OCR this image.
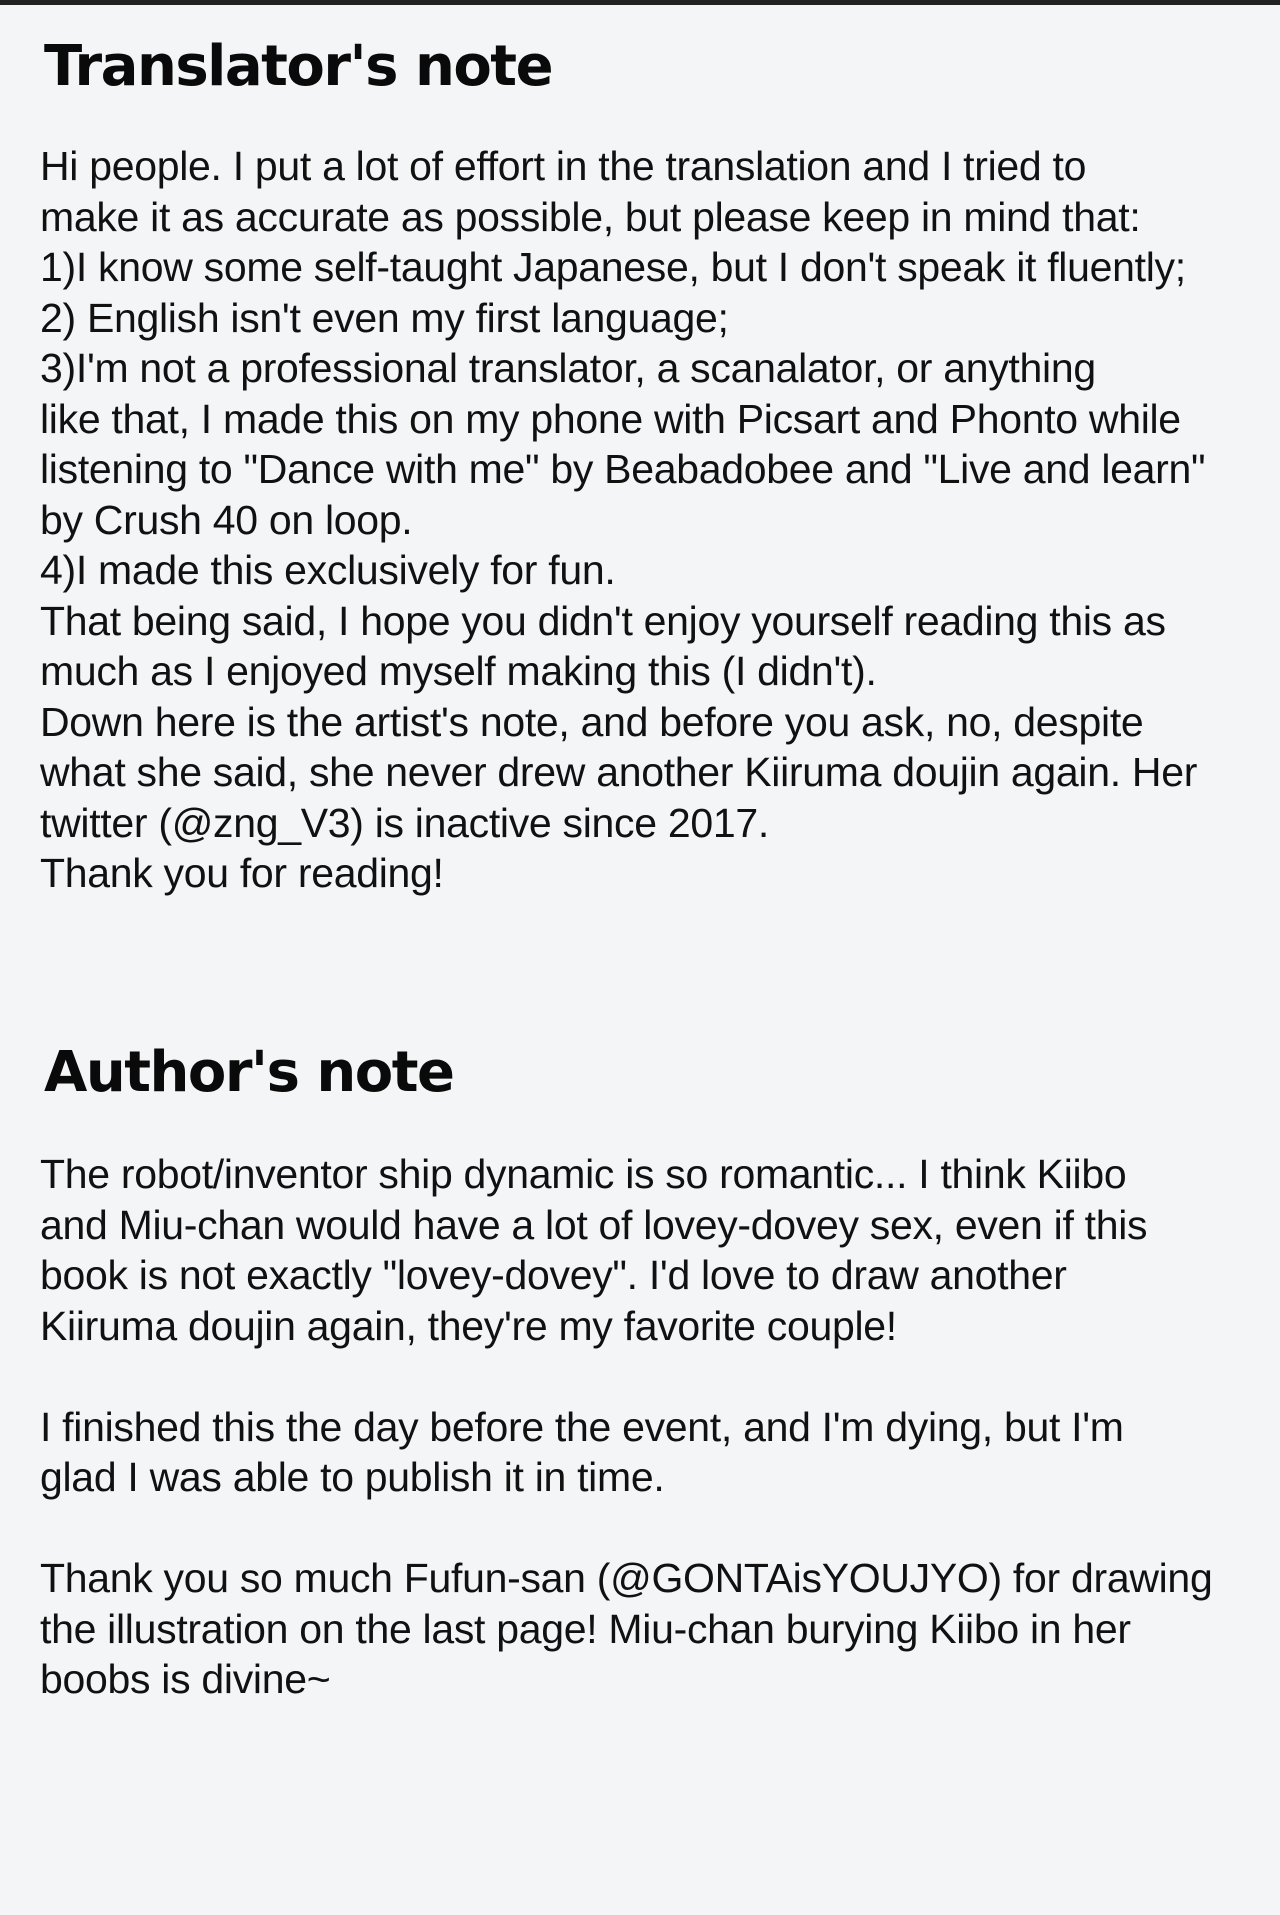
Translator's note
Hi people. I put a lot of effort in the translation and I tried to
make it as accurate as possible, but please keep in mind that:
1)I know some self-taught Japanese, but I don't speak it fluently;
2) English isn't even my first language;
3)I'm not a professional translator, a scanalator, or anything
like that, I made this on my phone with Picsart and Phonto while
listening to "Dance with me" by Beabadobee and "Live and learn"
by Crush 40 on loop.
4)I made this exclusively for fun.
That being said, I hope you didn't enjoy yourself reading this as
much as I enjoyed myself making this (I didn't).
Down here is the artist's note, and before you ask, no, despite
what she said, she never drew another Kiiruma doujin again. Her
twitter (@zng_V3) is inactive since 2017.
Thank you for reading!
Author's note
The robot/inventor ship dynamic is so romantic... I think Kiibo
and Miu-chan would have a lot of lovey-dovey sex, even if this
book is not exactly "lovey-dovey". I'd love to draw another
Kiiruma doujin again, they're my favorite couple!
I finished this the day before the event, and I'm dying, but I'm
glad I was able to publish it in time.
Thank you so much Fufun-san (@GONTAisYOUJYO) for drawing
the illustration on the last page! Miu-chan burying Kiibo in her
boobs is divine~
